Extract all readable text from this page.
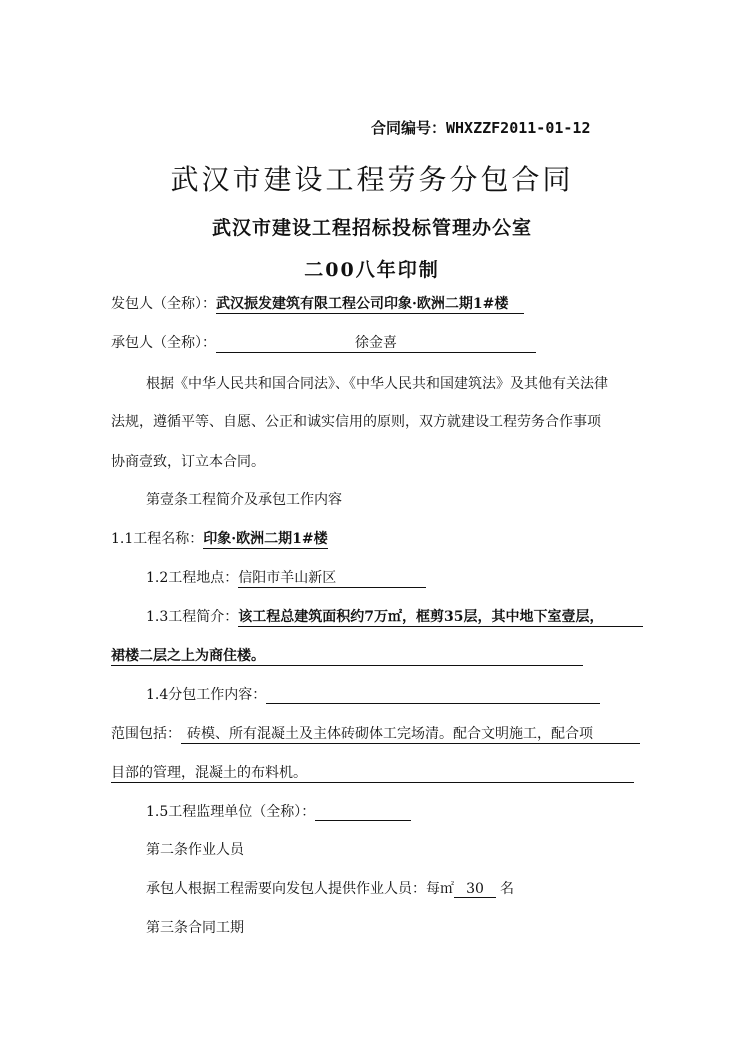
合同编号：WHXZZF2011-01-12
武汉市建设工程劳务分包合同
武汉市建设工程招标投标管理办公室
二00八年印制
发包人（全称）：武汉振发建筑有限工程公司印象·欧洲二期1#楼
承包人（全称）：	徐金喜
根据《中华人民共和国合同法》、《中华人民共和国建筑法》及其他有关法律
法规，遵循平等、自愿、公正和诚实信用的原则，双方就建设工程劳务合作事项
协商壹致，订立本合同。
第壹条工程简介及承包工作内容
1.1工程名称：印象·欧洲二期1#楼
1.2工程地点：信阳市羊山新区
1.3工程简介：该工程总建筑面积约7万㎡，框剪35层，其中地下室壹层，
裙楼二层之上为商住楼。
1.4分包工作内容：
范围包括： 砖模、所有混凝土及主体砖砌体工完场清。配合文明施工，配合项
目部的管理，混凝土的布料机。
1.5工程监理单位（全称）：
第二条作业人员
承包人根据工程需要向发包人提供作业人员：每㎡ 30 名
第三条合同工期
